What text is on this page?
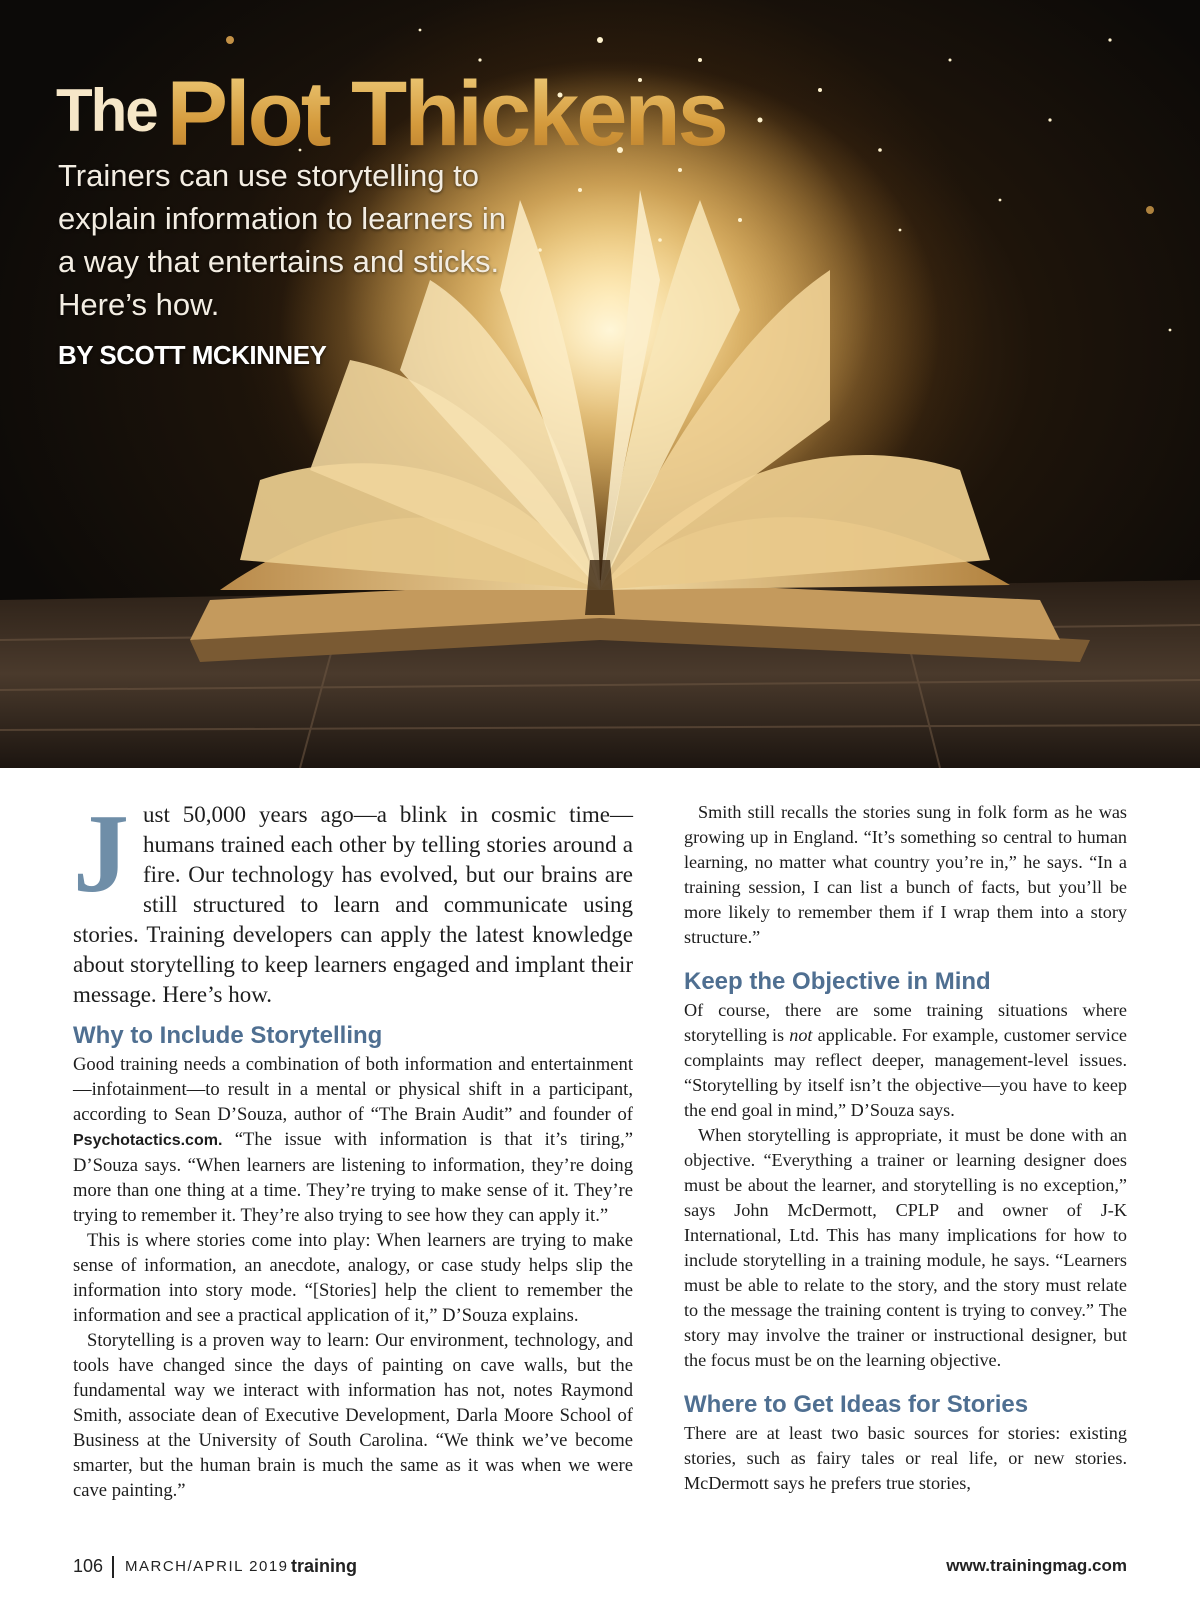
The Plot Thickens

Trainers can use storytelling to explain information to learners in a way that entertains and sticks. Here’s how.

BY SCOTT MCKINNEY

Just 50,000 years ago—a blink in cosmic time—humans trained each other by telling stories around a fire. Our technology has evolved, but our brains are still structured to learn and communicate using stories. Training developers can apply the latest knowledge about storytelling to keep learners engaged and implant their message. Here’s how.

Why to Include Storytelling

Good training needs a combination of both information and entertainment—infotainment—to result in a mental or physical shift in a participant, according to Sean D’Souza, author of “The Brain Audit” and founder of Psychotactics.com. “The issue with information is that it’s tiring,” D’Souza says. “When learners are listening to information, they’re doing more than one thing at a time. They’re trying to make sense of it. They’re trying to remember it. They’re also trying to see how they can apply it.”

This is where stories come into play: When learners are trying to make sense of information, an anecdote, analogy, or case study helps slip the information into story mode. “[Stories] help the client to remember the information and see a practical application of it,” D’Souza explains.

Storytelling is a proven way to learn: Our environment, technology, and tools have changed since the days of painting on cave walls, but the fundamental way we interact with information has not, notes Raymond Smith, associate dean of Executive Development, Darla Moore School of Business at the University of South Carolina. “We think we’ve become smarter, but the human brain is much the same as it was when we were cave painting.”

Smith still recalls the stories sung in folk form as he was growing up in England. “It’s something so central to human learning, no matter what country you’re in,” he says. “In a training session, I can list a bunch of facts, but you’ll be more likely to remember them if I wrap them into a story structure.”

Keep the Objective in Mind

Of course, there are some training situations where storytelling is not applicable. For example, customer service complaints may reflect deeper, management-level issues. “Storytelling by itself isn’t the objective—you have to keep the end goal in mind,” D’Souza says.

When storytelling is appropriate, it must be done with an objective. “Everything a trainer or learning designer does must be about the learner, and storytelling is no exception,” says John McDermott, CPLP and owner of J-K International, Ltd. This has many implications for how to include storytelling in a training module, he says. “Learners must be able to relate to the story, and the story must relate to the message the training content is trying to convey.” The story may involve the trainer or instructional designer, but the focus must be on the learning objective.

Where to Get Ideas for Stories

There are at least two basic sources for stories: existing stories, such as fairy tales or real life, or new stories. McDermott says he prefers true stories,

106 MARCH/APRIL 2019 training	www.trainingmag.com
